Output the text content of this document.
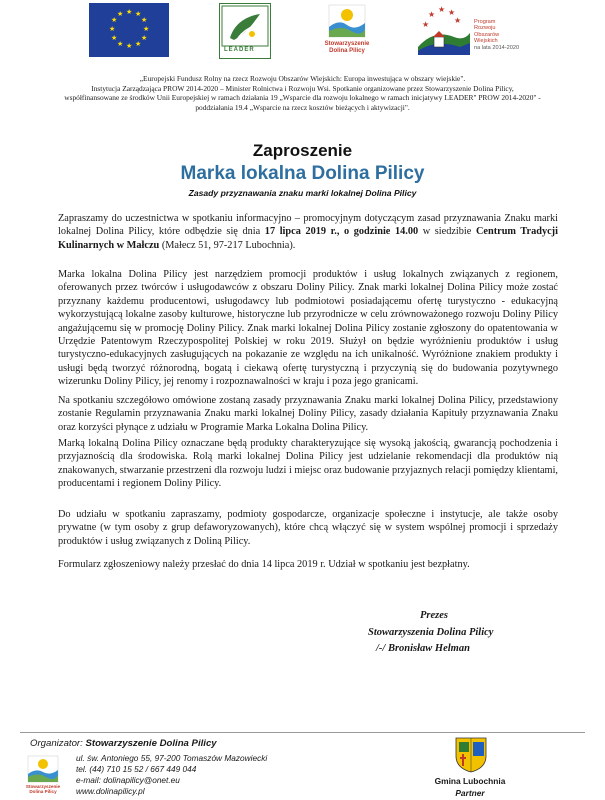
★ ★
★
★
★
★
★
★
★
★
★
★
LEADER
Stowarzyszenie
Dolina Pilicy
★
★ ★
★	★ Program
Rozwoju
Obszarów
Wiejskich
na lata 2014-2020
„Europejski Fundusz Rolny na rzecz Rozwoju Obszarów Wiejskich: Europa inwestująca w obszary wiejskie".
Instytucja Zarządzająca PROW 2014-2020 – Minister Rolnictwa i Rozwoju Wsi. Spotkanie organizowane przez Stowarzyszenie Dolina Pilicy,
współfinansowane ze środków Unii Europejskiej w ramach działania 19 „Wsparcie dla rozwoju lokalnego w ramach inicjatywy LEADER" PROW 2014-2020" -
poddziałania 19.4 „Wsparcie na rzecz kosztów bieżących i aktywizacji".
Zaproszenie
Marka lokalna Dolina Pilicy
Zasady przyznawania znaku marki lokalnej Dolina Pilicy
Zapraszamy do uczestnictwa w spotkaniu informacyjno – promocyjnym dotyczącym zasad przyznawania Znaku marki lokalnej Dolina Pilicy, które odbędzie się dnia 17 lipca 2019 r., o godzinie 14.00 w siedzibie Centrum Tradycji Kulinarnych w Małczu (Małecz 51, 97-217 Lubochnia).
Marka lokalna Dolina Pilicy jest narzędziem promocji produktów i usług lokalnych związanych z regionem, oferowanych przez twórców i usługodawców z obszaru Doliny Pilicy. Znak marki lokalnej Dolina Pilicy może zostać przyznany każdemu producentowi, usługodawcy lub podmiotowi posiadającemu ofertę turystyczno - edukacyjną wykorzystującą lokalne zasoby kulturowe, historyczne lub przyrodnicze w celu zrównoważonego rozwoju Doliny Pilicy angażującemu się w promocję Doliny Pilicy. Znak marki lokalnej Dolina Pilicy zostanie zgłoszony do opatentowania w Urzędzie Patentowym Rzeczypospolitej Polskiej w roku 2019. Służył on będzie wyróżnieniu produktów i usług turystyczno-edukacyjnych zasługujących na pokazanie ze względu na ich unikalność. Wyróżnione znakiem produkty i usługi będą tworzyć różnorodną, bogatą i ciekawą ofertę turystyczną i przyczynią się do budowania pozytywnego wizerunku Doliny Pilicy, jej renomy i rozpoznawalności w kraju i poza jego granicami.
Na spotkaniu szczegółowo omówione zostaną zasady przyznawania Znaku marki lokalnej Dolina Pilicy, przedstawiony zostanie Regulamin przyznawania Znaku marki lokalnej Doliny Pilicy, zasady działania Kapituły przyznawania Znaku oraz korzyści płynące z udziału w Programie Marka Lokalna Dolina Pilicy.
Marką lokalną Dolina Pilicy oznaczane będą produkty charakteryzujące się wysoką jakością, gwarancją pochodzenia i przyjaznością dla środowiska. Rolą marki lokalnej Dolina Pilicy jest udzielanie rekomendacji dla produktów nią znakowanych, stwarzanie przestrzeni dla rozwoju ludzi i miejsc oraz budowanie przyjaznych relacji pomiędzy klientami, producentami i regionem Doliny Pilicy.
Do udziału w spotkaniu zapraszamy, podmioty gospodarcze, organizacje społeczne i instytucje, ale także osoby prywatne (w tym osoby z grup defaworyzowanych), które chcą włączyć się w system wspólnej promocji i sprzedaży produktów i usług związanych z Doliną Pilicy.
Formularz zgłoszeniowy należy przesłać do dnia 14 lipca 2019 r. Udział w spotkaniu jest bezpłatny.
Prezes
Stowarzyszenia Dolina Pilicy
/-/ Bronisław Helman
Organizator: Stowarzyszenie Dolina Pilicy
ul. św. Antoniego 55, 97-200 Tomaszów Mazowiecki
tel. (44) 710 15 52 / 667 449 044
e-mail: dolinapilicy@onet.eu
www.dolinapilicy.pl
Stowarzyszenie
Dolina Pilicy
Gmina Lubochnia
Partner
